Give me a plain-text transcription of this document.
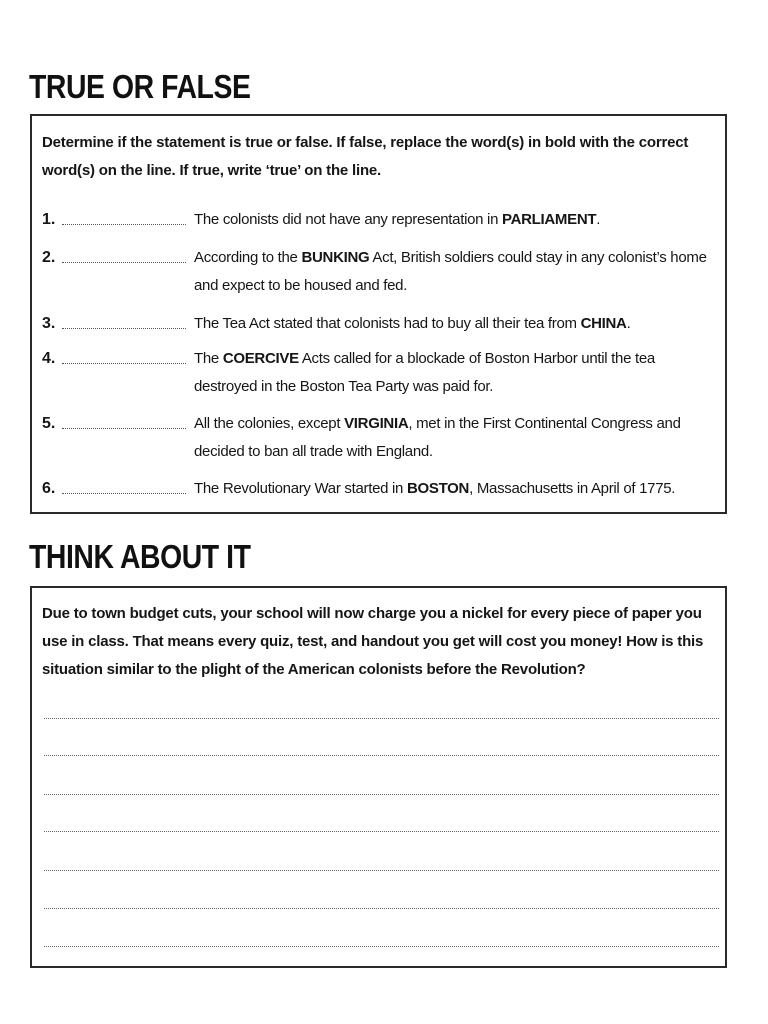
TRUE OR FALSE

Determine if the statement is true or false. If false, replace the word(s) in bold with the correct word(s) on the line. If true, write ‘true’ on the line.

1.	The colonists did not have any representation in PARLIAMENT.

2.	According to the BUNKING Act, British soldiers could stay in any colonist’s home and expect to be housed and fed.

3.	The Tea Act stated that colonists had to buy all their tea from CHINA.

4.	The COERCIVE Acts called for a blockade of Boston Harbor until the tea destroyed in the Boston Tea Party was paid for.

5.	All the colonies, except VIRGINIA, met in the First Continental Congress and decided to ban all trade with England.

6.	The Revolutionary War started in BOSTON, Massachusetts in April of 1775.

THINK ABOUT IT

Due to town budget cuts, your school will now charge you a nickel for every piece of paper you use in class. That means every quiz, test, and handout you get will cost you money! How is this situation similar to the plight of the American colonists before the Revolution?
